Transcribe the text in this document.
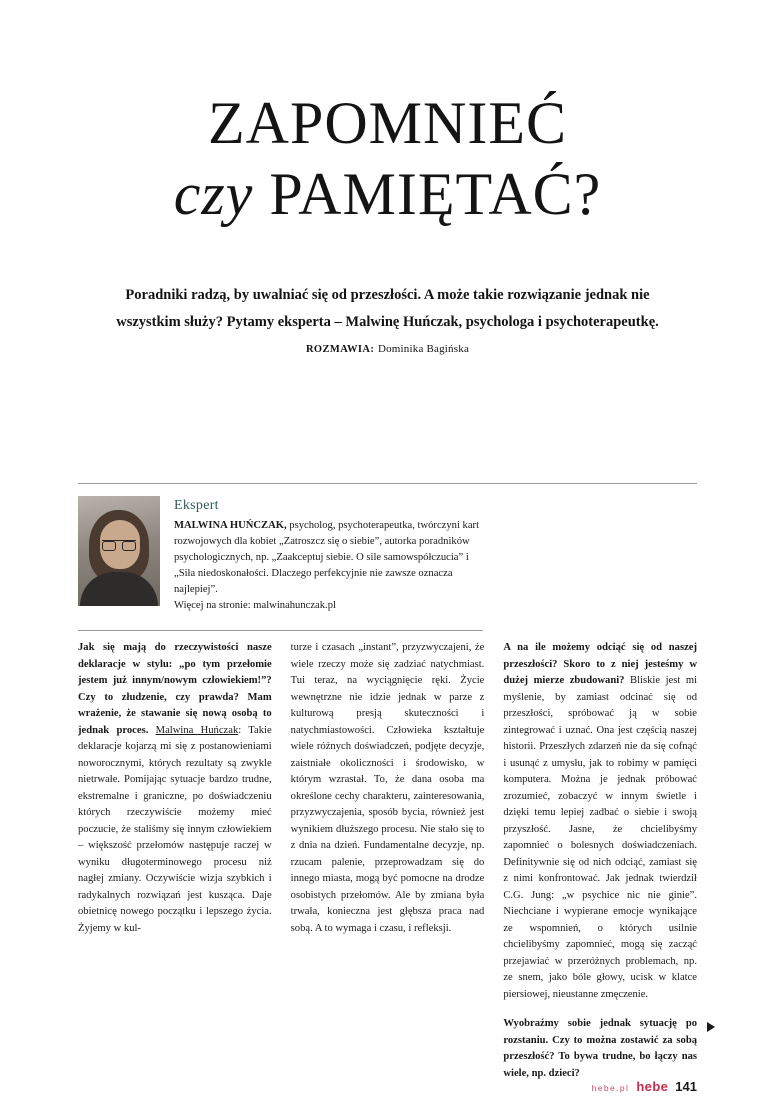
ZAPOMNIEĆ
czy PAMIĘTAĆ?
Poradniki radzą, by uwalniać się od przeszłości. A może takie rozwiązanie jednak nie wszystkim służy? Pytamy eksperta – Malwinę Huńczak, psychologa i psychoterapeutkę. ROZMAWIA: Dominika Bagińska
Ekspert
MALWINA HUŃCZAK, psycholog, psychoterapeutka, twórczyni kart rozwojowych dla kobiet „Zatroszcz się o siebie”, autorka poradników psychologicznych, np. „Zaakceptuj siebie. O sile samowspółczucia” i „Siła niedoskonałości. Dlaczego perfekcyjnie nie zawsze oznacza najlepiej”.
Więcej na stronie: malwinahunczak.pl

Jak się mają do rzeczywistości nasze deklaracje w stylu: „po tym przełomie jestem już innym/nowym człowiekiem!”? Czy to złudzenie, czy prawda? Mam wrażenie, że stawanie się nową osobą to jednak proces. Malwina Huńczak: Takie deklaracje kojarzą mi się z postanowieniami noworocznymi, których rezultaty są zwykle nietrwałe. Pomijając sytuacje bardzo trudne, ekstremalne i graniczne, po doświadczeniu których rzeczywiście możemy mieć poczucie, że staliśmy się innym człowiekiem – większość przełomów następuje raczej w wyniku długoterminowego procesu niż nagłej zmiany. Oczywiście wizja szybkich i radykalnych rozwiązań jest kusząca. Daje obietnicę nowego początku i lepszego życia. Żyjemy w kul-

turze i czasach „instant”, przyzwyczajeni, że wiele rzeczy może się zadziać natychmiast. Tui teraz, na wyciągnięcie ręki. Życie wewnętrzne nie idzie jednak w parze z kulturową presją skuteczności i natychmiastowości. Człowieka kształtuje wiele różnych doświadczeń, podjęte decyzje, zaistniałe okoliczności i środowisko, w którym wzrastał. To, że dana osoba ma określone cechy charakteru, zainteresowania, przyzwyczajenia, sposób bycia, również jest wynikiem dłuższego procesu. Nie stało się to z dnia na dzień. Fundamentalne decyzje, np. rzucam palenie, przeprowadzam się do innego miasta, mogą być pomocne na drodze osobistych przełomów. Ale by zmiana była trwała, konieczna jest głębsza praca nad sobą. A to wymaga i czasu, i refleksji.

A na ile możemy odciąć się od naszej przeszłości? Skoro to z niej jesteśmy w dużej mierze zbudowani? Bliskie jest mi myślenie, by zamiast odcinać się od przeszłości, spróbować ją w sobie zintegrować i uznać. Ona jest częścią naszej historii. Przeszłych zdarzeń nie da się cofnąć i usunąć z umysłu, jak to robimy w pamięci komputera. Można je jednak próbować zrozumieć, zobaczyć w innym świetle i dzięki temu lepiej zadbać o siebie i swoją przyszłość. Jasne, że chcielibyśmy zapomnieć o bolesnych doświadczeniach. Definitywnie się od nich odciąć, zamiast się z nimi konfrontować. Jak jednak twierdził C.G. Jung: „w psychice nic nie ginie”. Niechciane i wypierane emocje wynikające ze wspomnień, o których usilnie chcielibyśmy zapomnieć, mogą się zacząć przejawiać w przeróżnych problemach, np. ze snem, jako bóle głowy, ucisk w klatce piersiowej, nieustanne zmęczenie.
Wyobraźmy sobie jednak sytuację po rozstaniu. Czy to można zostawić za sobą przeszłość? To bywa trudne, bo łączy nas wiele, np. dzieci?

hebe.pl hebe 141
